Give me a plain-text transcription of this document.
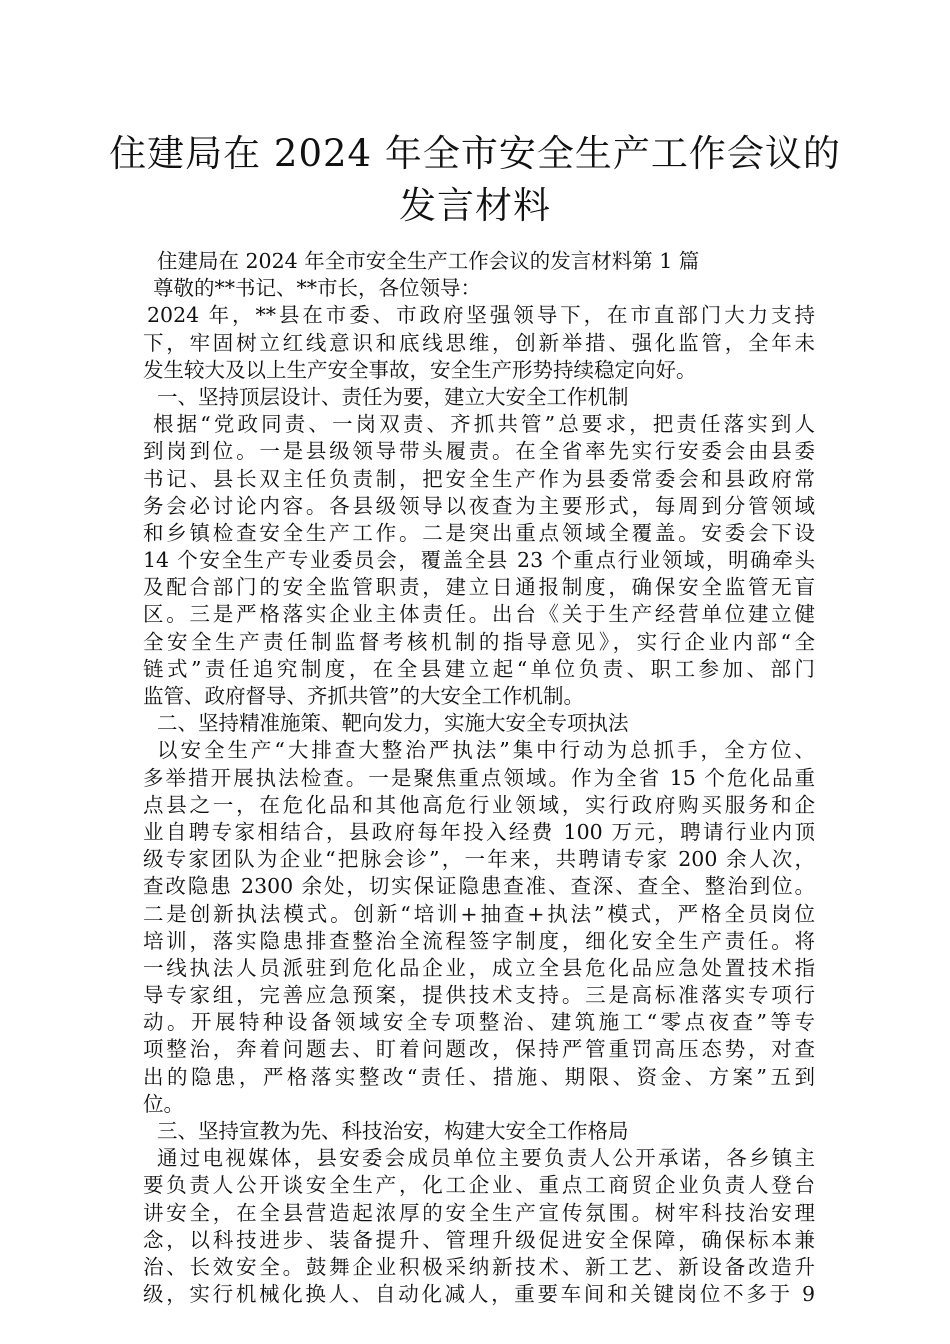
住建局在 2024 年全市安全生产工作会议的
发言材料
住建局在 2024 年全市安全生产工作会议的发言材料第 1 篇
尊敬的**书记、**市长，各位领导：
2024 年，**县在市委、市政府坚强领导下，在市直部门大力支持
下，牢固树立红线意识和底线思维，创新举措、强化监管，全年未
发生较大及以上生产安全事故，安全生产形势持续稳定向好。
一、坚持顶层设计、责任为要，建立大安全工作机制
根据“党政同责、一岗双责、齐抓共管”总要求，把责任落实到人
到岗到位。一是县级领导带头履责。在全省率先实行安委会由县委
书记、县长双主任负责制，把安全生产作为县委常委会和县政府常
务会必讨论内容。各县级领导以夜查为主要形式，每周到分管领域
和乡镇检查安全生产工作。二是突出重点领域全覆盖。安委会下设
14 个安全生产专业委员会，覆盖全县 23 个重点行业领域，明确牵头
及配合部门的安全监管职责，建立日通报制度，确保安全监管无盲
区。三是严格落实企业主体责任。出台《关于生产经营单位建立健
全安全生产责任制监督考核机制的指导意见》，实行企业内部“全
链式”责任追究制度，在全县建立起“单位负责、职工参加、部门
监管、政府督导、齐抓共管”的大安全工作机制。
二、坚持精准施策、靶向发力，实施大安全专项执法
以安全生产“大排查大整治严执法”集中行动为总抓手，全方位、
多举措开展执法检查。一是聚焦重点领域。作为全省 15 个危化品重
点县之一，在危化品和其他高危行业领域，实行政府购买服务和企
业自聘专家相结合，县政府每年投入经费 100 万元，聘请行业内顶
级专家团队为企业“把脉会诊”，一年来，共聘请专家 200 余人次，
查改隐患 2300 余处，切实保证隐患查准、查深、查全、整治到位。
二是创新执法模式。创新“培训+抽查+执法”模式，严格全员岗位
培训，落实隐患排查整治全流程签字制度，细化安全生产责任。将
一线执法人员派驻到危化品企业，成立全县危化品应急处置技术指
导专家组，完善应急预案，提供技术支持。三是高标准落实专项行
动。开展特种设备领域安全专项整治、建筑施工“零点夜查”等专
项整治，奔着问题去、盯着问题改，保持严管重罚高压态势，对查
出的隐患，严格落实整改“责任、措施、期限、资金、方案”五到
位。
三、坚持宣教为先、科技治安，构建大安全工作格局
通过电视媒体，县安委会成员单位主要负责人公开承诺，各乡镇主
要负责人公开谈安全生产，化工企业、重点工商贸企业负责人登台
讲安全，在全县营造起浓厚的安全生产宣传氛围。树牢科技治安理
念，以科技进步、装备提升、管理升级促进安全保障，确保标本兼
治、长效安全。鼓舞企业积极采纳新技术、新工艺、新设备改造升
级，实行机械化换人、自动化减人，重要车间和关键岗位不多于 9
